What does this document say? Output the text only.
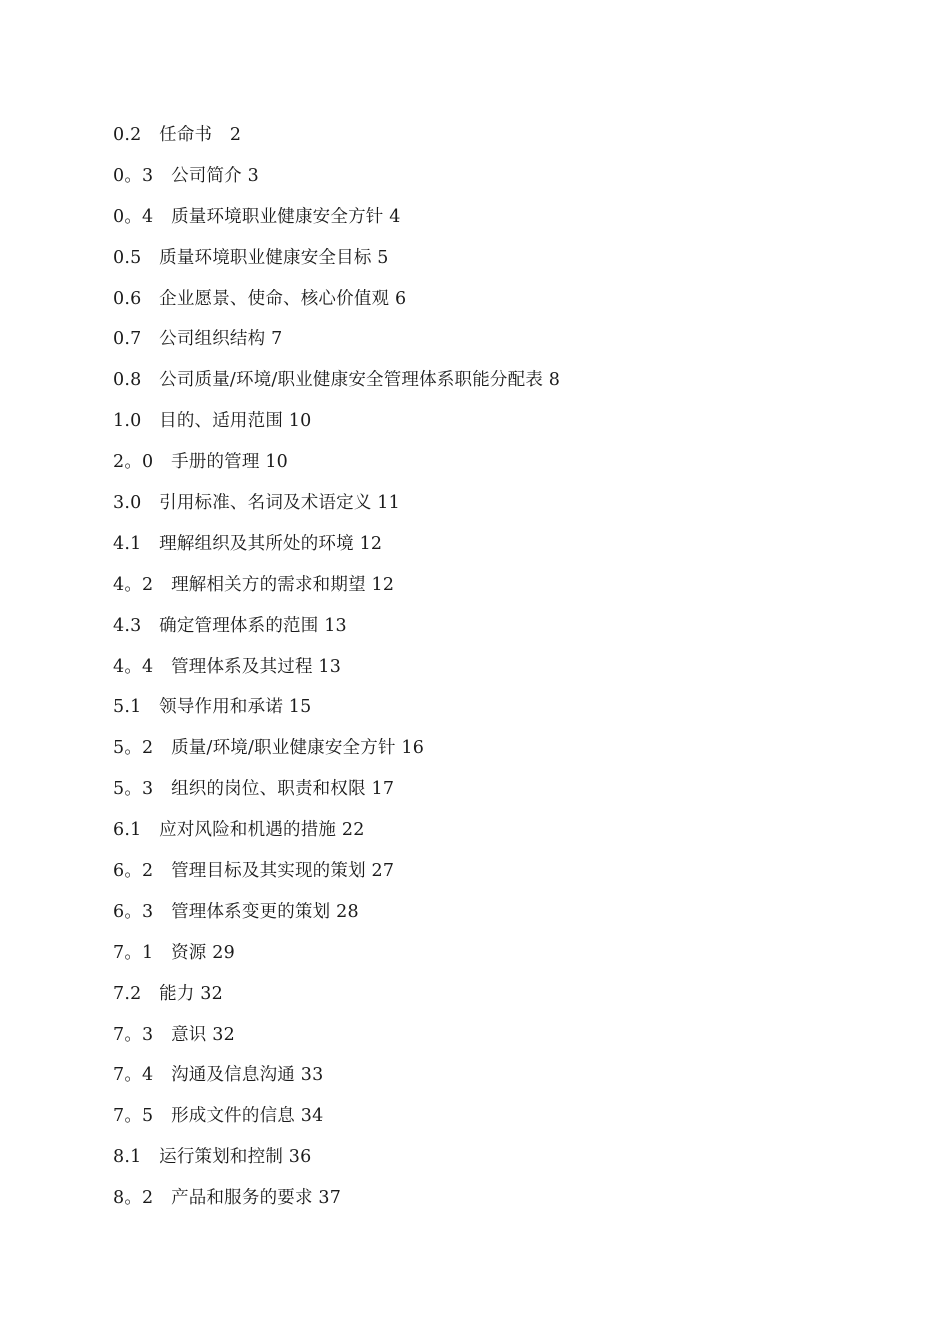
0.2　任命书　2
0。3　公司简介 3
0。4　质量环境职业健康安全方针 4
0.5　质量环境职业健康安全目标 5
0.6　企业愿景、使命、核心价值观 6
0.7　公司组织结构 7
0.8　公司质量/环境/职业健康安全管理体系职能分配表 8
1.0　目的、适用范围 10
2。0　手册的管理 10
3.0　引用标准、名词及术语定义 11
4.1　理解组织及其所处的环境 12
4。2　理解相关方的需求和期望 12
4.3　确定管理体系的范围 13
4。4　管理体系及其过程 13
5.1　领导作用和承诺 15
5。2　质量/环境/职业健康安全方针 16
5。3　组织的岗位、职责和权限 17
6.1　应对风险和机遇的措施 22
6。2　管理目标及其实现的策划 27
6。3　管理体系变更的策划 28
7。1　资源 29
7.2　能力 32
7。3　意识 32
7。4　沟通及信息沟通 33
7。5　形成文件的信息 34
8.1　运行策划和控制 36
8。2　产品和服务的要求 37
